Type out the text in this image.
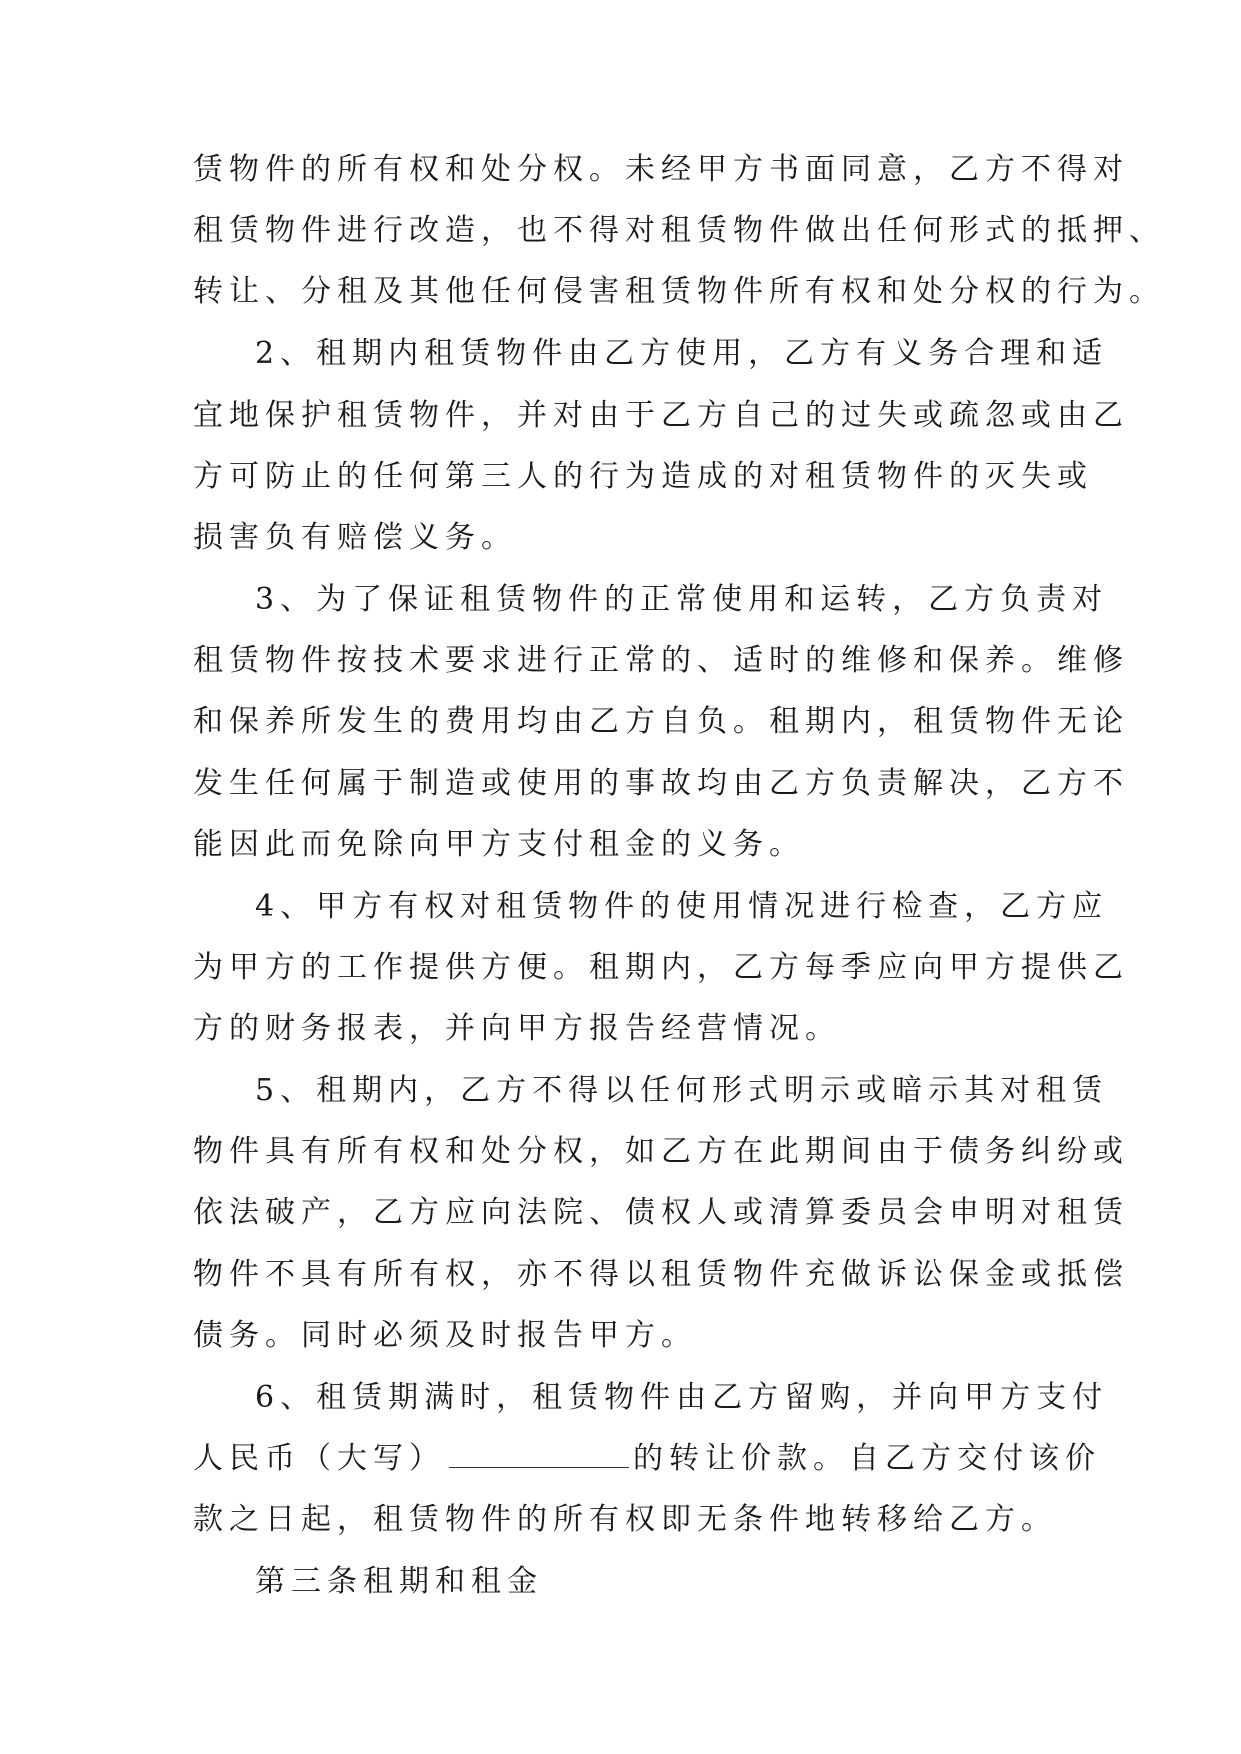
赁物件的所有权和处分权。未经甲方书面同意，乙方不得对
租赁物件进行改造，也不得对租赁物件做出任何形式的抵押、
转让、分租及其他任何侵害租赁物件所有权和处分权的行为。
2、租期内租赁物件由乙方使用，乙方有义务合理和适
宜地保护租赁物件，并对由于乙方自己的过失或疏忽或由乙
方可防止的任何第三人的行为造成的对租赁物件的灭失或
损害负有赔偿义务。
3、为了保证租赁物件的正常使用和运转，乙方负责对
租赁物件按技术要求进行正常的、适时的维修和保养。维修
和保养所发生的费用均由乙方自负。租期内，租赁物件无论
发生任何属于制造或使用的事故均由乙方负责解决，乙方不
能因此而免除向甲方支付租金的义务。
4、甲方有权对租赁物件的使用情况进行检查，乙方应
为甲方的工作提供方便。租期内，乙方每季应向甲方提供乙
方的财务报表，并向甲方报告经营情况。
5、租期内，乙方不得以任何形式明示或暗示其对租赁
物件具有所有权和处分权，如乙方在此期间由于债务纠纷或
依法破产，乙方应向法院、债权人或清算委员会申明对租赁
物件不具有所有权，亦不得以租赁物件充做诉讼保金或抵偿
债务。同时必须及时报告甲方。
6、租赁期满时，租赁物件由乙方留购，并向甲方支付
人民币（大写）	的转让价款。自乙方交付该价
款之日起，租赁物件的所有权即无条件地转移给乙方。
第三条租期和租金
